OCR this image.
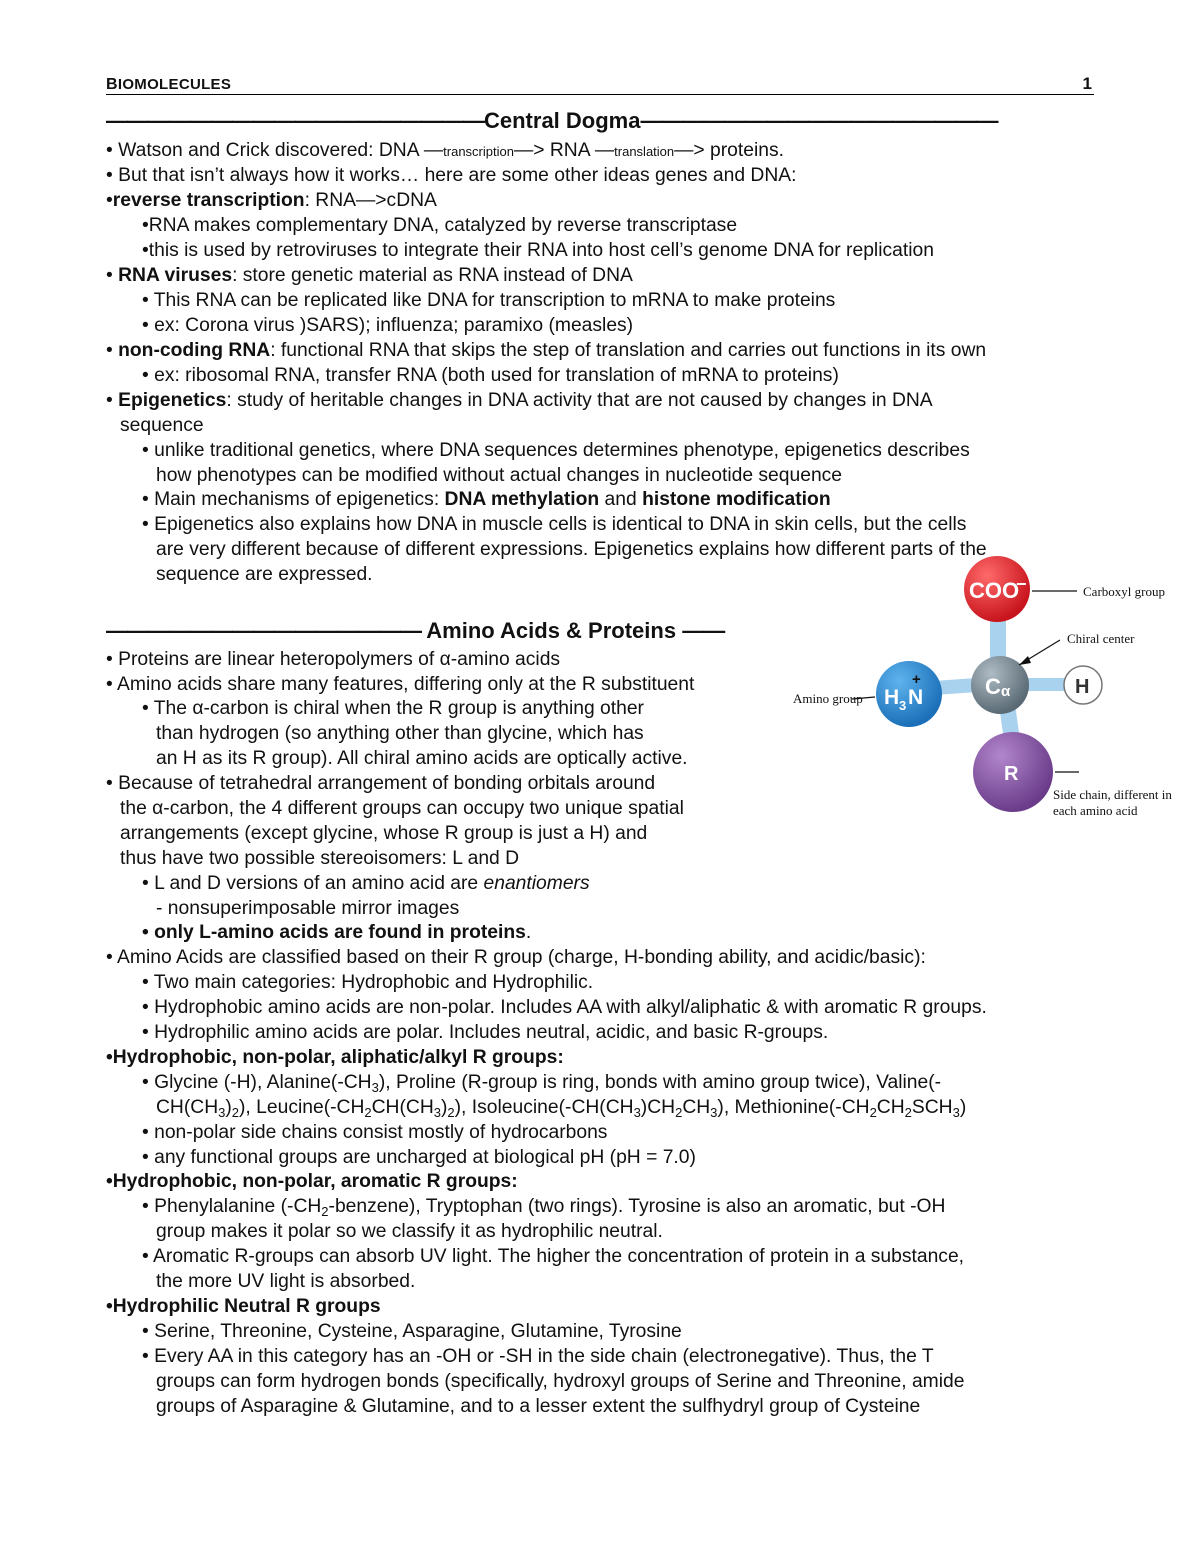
BIOMOLECULES	1
——————————————————Central Dogma—————————————————
• Watson and Crick discovered: DNA —transcription—> RNA —translation—> proteins.
• But that isn’t always how it works… here are some other ideas genes and DNA:
•reverse transcription: RNA—>cDNA
•RNA makes complementary DNA, catalyzed by reverse transcriptase
•this is used by retroviruses to integrate their RNA into host cell’s genome DNA for replication
• RNA viruses: store genetic material as RNA instead of DNA
• This RNA can be replicated like DNA for transcription to mRNA to make proteins
• ex: Corona virus )SARS); influenza; paramixo (measles)
• non-coding RNA: functional RNA that skips the step of translation and carries out functions in its own
• ex: ribosomal RNA, transfer RNA (both used for translation of mRNA to proteins)
• Epigenetics: study of heritable changes in DNA activity that are not caused by changes in DNA
sequence
• unlike traditional genetics, where DNA sequences determines phenotype, epigenetics describes
how phenotypes can be modified without actual changes in nucleotide sequence
• Main mechanisms of epigenetics: DNA methylation and histone modification
• Epigenetics also explains how DNA in muscle cells is identical to DNA in skin cells, but the cells
are very different because of different expressions. Epigenetics explains how different parts of the
sequence are expressed.
——————————————— Amino Acids & Proteins ——
• Proteins are linear heteropolymers of α-amino acids
• Amino acids share many features, differing only at the R substituent
• The α-carbon is chiral when the R group is anything other
than hydrogen (so anything other than glycine, which has
an H as its R group). All chiral amino acids are optically active.
• Because of tetrahedral arrangement of bonding orbitals around
the α-carbon, the 4 different groups can occupy two unique spatial
arrangements (except glycine, whose R group is just a H) and
thus have two possible stereoisomers: L and D
• L and D versions of an amino acid are enantiomers
- nonsuperimposable mirror images
• only L-amino acids are found in proteins.
• Amino Acids are classified based on their R group (charge, H-bonding ability, and acidic/basic):
• Two main categories: Hydrophobic and Hydrophilic.
• Hydrophobic amino acids are non-polar. Includes AA with alkyl/aliphatic & with aromatic R groups.
• Hydrophilic amino acids are polar. Includes neutral, acidic, and basic R-groups.
•Hydrophobic, non-polar, aliphatic/alkyl R groups:
• Glycine (-H), $Alanine(-CH_3)$, Proline (R-group is ring, bonds with amino group twice), Valine(-
$CH(CH_3)_2$), $Leucine(-CH_2CH(CH_3)_2)$, $Isoleucine(-CH(CH_3)CH_2CH_3)$, $Methionine(-CH_2CH_2SCH_3)$
• non-polar side chains consist mostly of hydrocarbons
• any functional groups are uncharged at biological pH (pH = 7.0)
•Hydrophobic, non-polar, aromatic R groups:
• Phenylalanine $(-CH_2-benzene)$, Tryptophan (two rings). Tyrosine is also an aromatic, but -OH
group makes it polar so we classify it as hydrophilic neutral.
• Aromatic R-groups can absorb UV light. The higher the concentration of protein in a substance,
the more UV light is absorbed.
•Hydrophilic Neutral R groups
• Serine, Threonine, Cysteine, Asparagine, Glutamine, Tyrosine
• Every AA in this category has an -OH or -SH in the side chain (electronegative). Thus, the T
groups can form hydrogen bonds (specifically, hydroxyl groups of Serine and Threonine, amide
groups of Asparagine & Glutamine, and to a lesser extent the sulfhydryl group of Cysteine
COO
−	Carboxyl group
H 3 N
+
Amino group	C α
Chiral center
H
R
Side chain, different in
each amino acid
